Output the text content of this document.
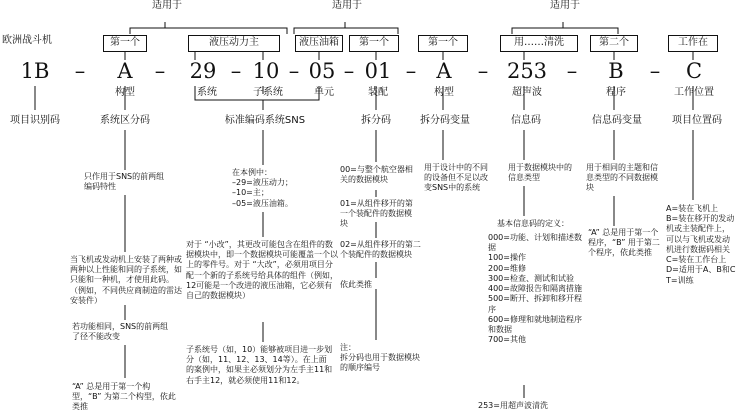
适用于	适用于	适用于
欧洲战斗机	第一个	液压动力主	液压油箱	第一个	第一个	用……清洗	第二个	工作在
1B – A – 29 – 10 – 05 – 01 – A – 253 – B – C
构型	系统	子系统	单元	装配	构型	超声波	程序	工作位置
项目识别码	系统区分码	标准编码系统SNS	拆分码	拆分码变量	信息码	信息码变量	项目位置码
只作用于SNS的前两组编码特性
当飞机或发动机上安装了两种或两种以上性能和同的子系统，如只能和一种机，才使用此码。（例如，不同供应商制造的雷达安装件）
若功能相同，SNS的前两组了径不能改变
“A” 总是用于第一个构型，“B” 为第二个构型，依此类推
在本例中：
–29=液压动力；
–10=主；
–05=液压油箱。
对于 “小改”，其更改可能包含在组件的数据模块中，即一个数据模块可能覆盖一个以上的零件号。对于 “大改”，必须用项目分配一个新的子系统号给具体的组件（例如，12可能是一个改进的液压油箱，它必须有自己的数据模块）
子系统号（如，10）能够被项目进一步划分（如，11、12、13、14等）。在上面的案例中，如果主必须划分为左手主11和右手主12，就必须使用11和12。
00=与整个航空器相关的数据模块
01=从组件移开的第一个装配件的数据模块
02=从组件移开的第二个装配件的数据模块
依此类推
注：
拆分码也用于数据模块的顺序编号
用于设计中的不同的设备但不足以改变SNS中的系统
用于数据模块中的信息类型
基本信息码的定义：
000=功能、计划和描述数据
100=操作
200=维修
300=检查、测试和试验
400=故障报告和隔离措施
500=断开、拆卸和移开程序
600=修理和就地制造程序和数据
700=其他
253=用超声波清洗
用于相同的主题和信息类型的不同数据模块
“A” 总是用于第一个程序，“B” 用于第二个程序，依此类推
A=装在飞机上
B=装在移开的发动机或主装配件上，可以与飞机或发动机进行数据码相关
C=装在工作台上
D=适用于A、B和C
T=训练
